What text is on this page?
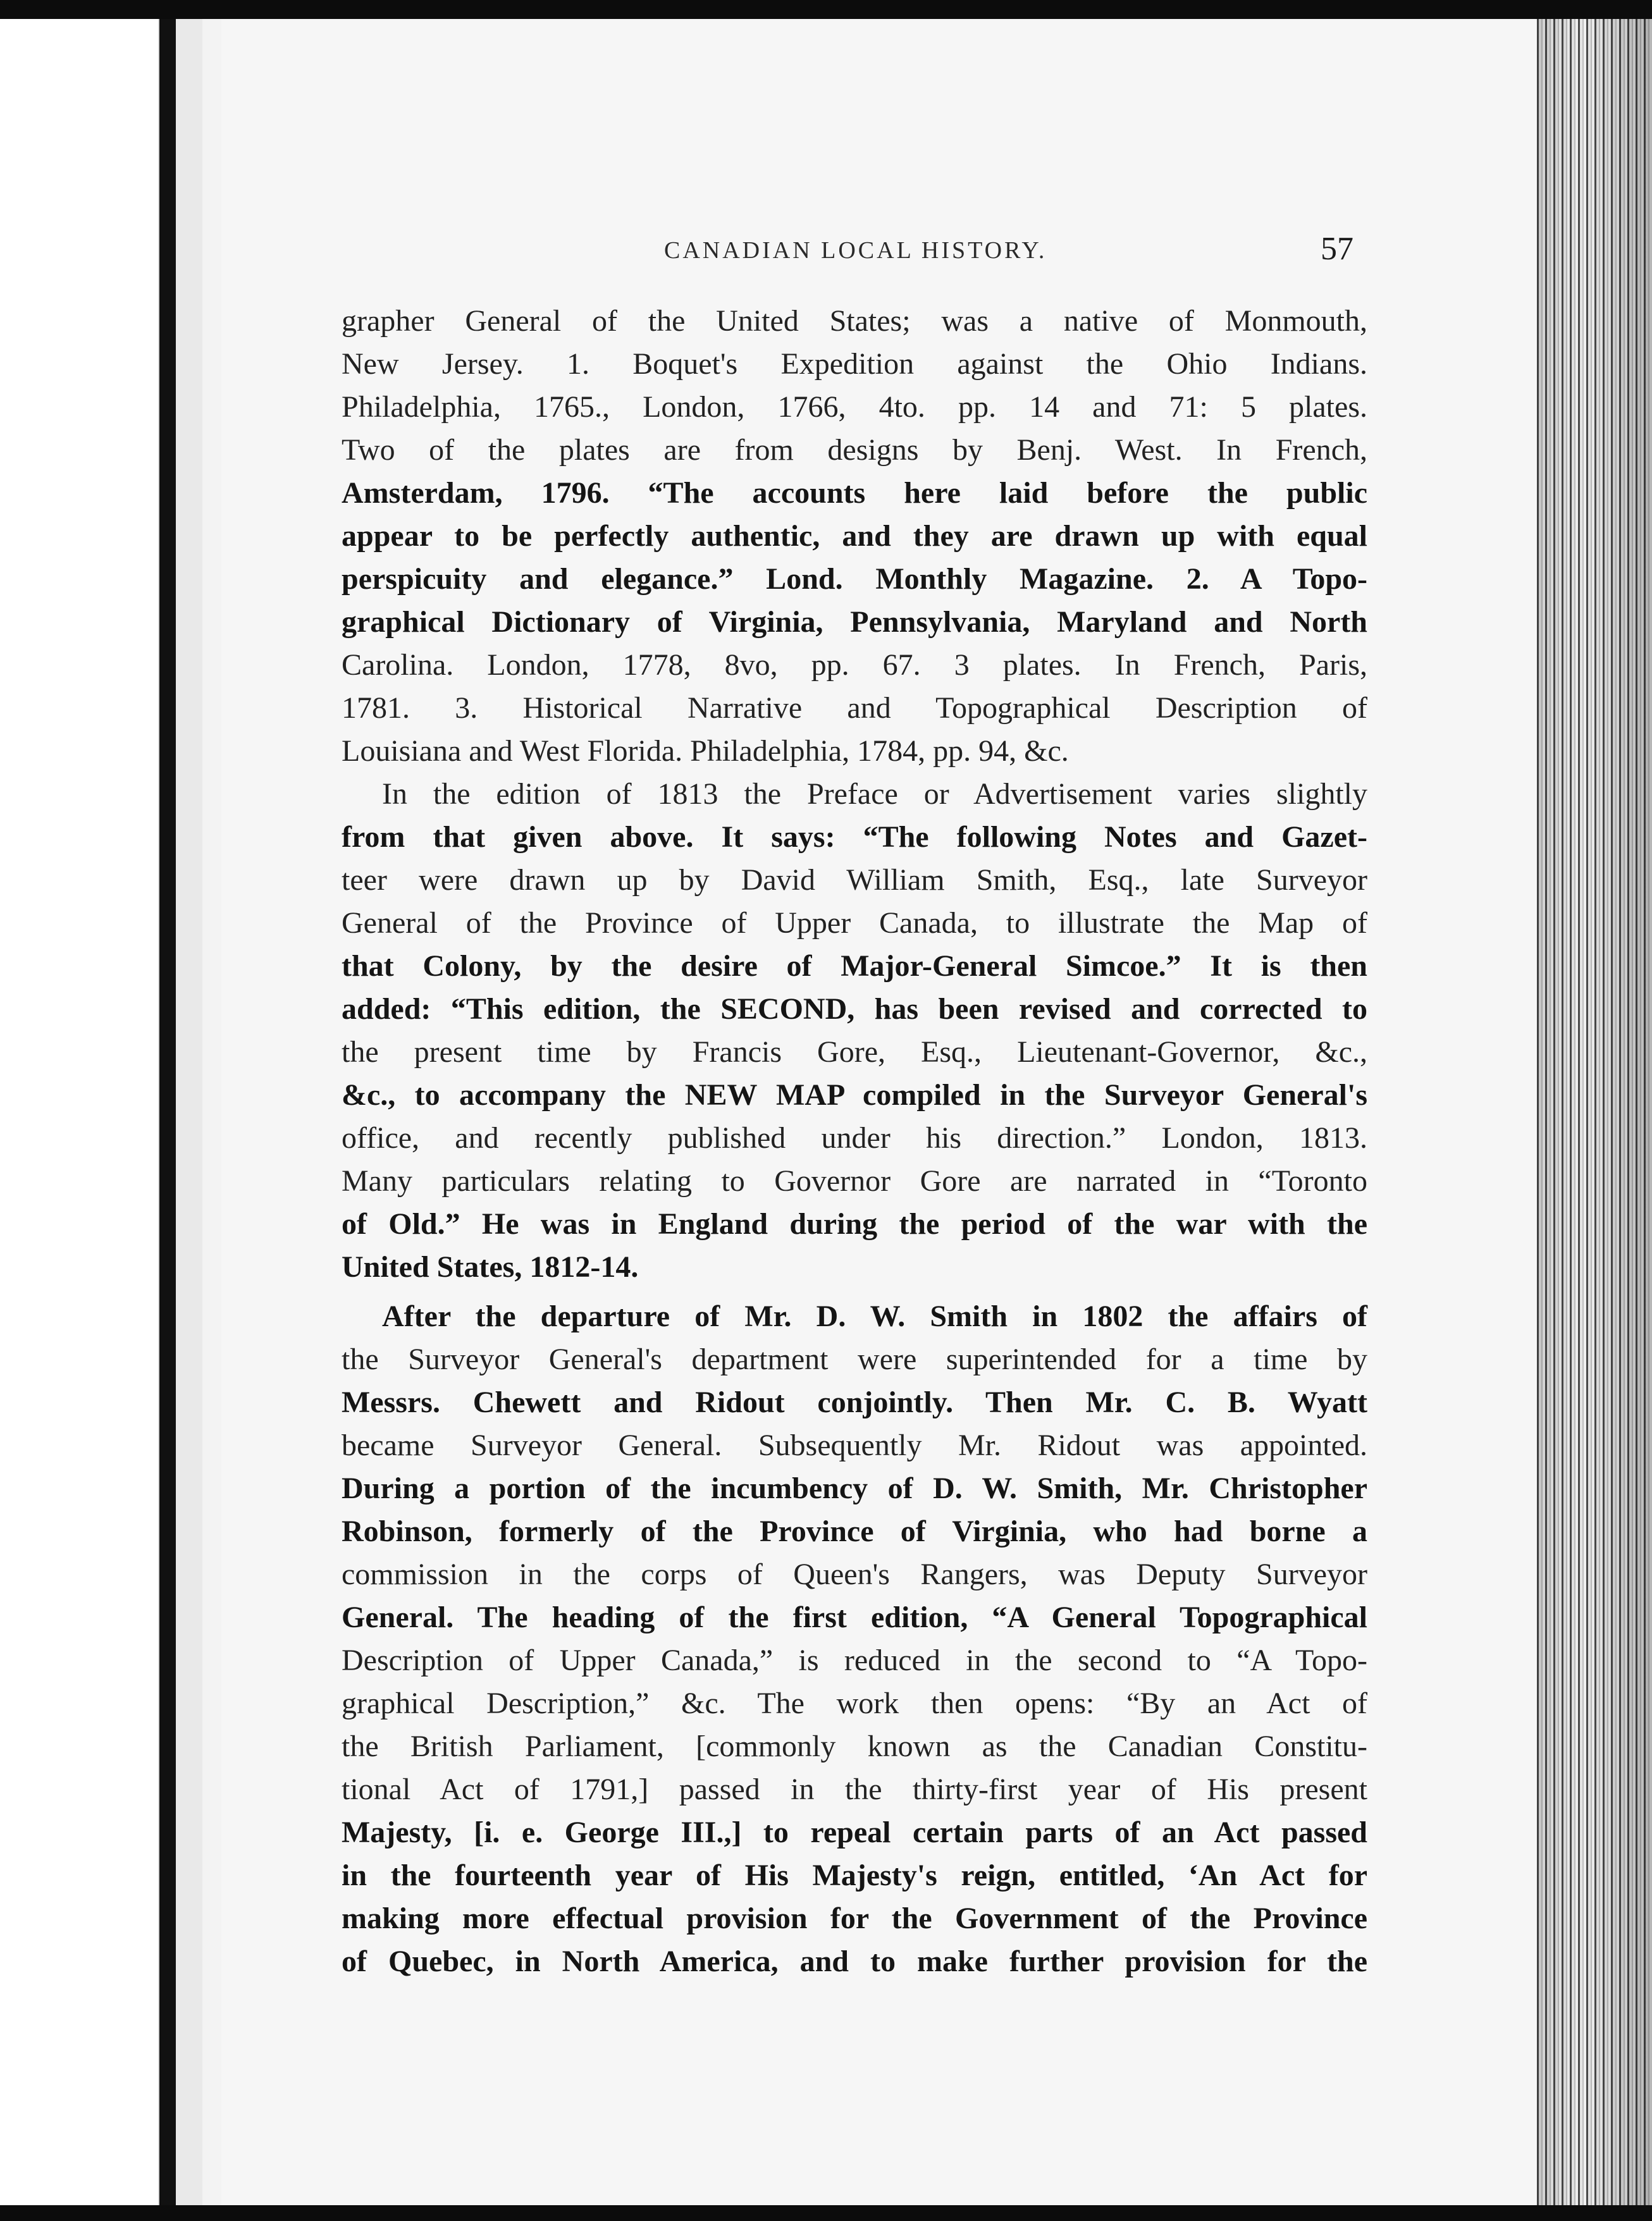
CANADIAN LOCAL HISTORY.	57
grapher General of the United States; was a native of Monmouth,
New Jersey. 1. Boquet's Expedition against the Ohio Indians.
Philadelphia, 1765., London, 1766, 4to. pp. 14 and 71: 5 plates.
Two of the plates are from designs by Benj. West. In French,
Amsterdam, 1796. “The accounts here laid before the public
appear to be perfectly authentic, and they are drawn up with equal
perspicuity and elegance.” Lond. Monthly Magazine. 2. A Topo-
graphical Dictionary of Virginia, Pennsylvania, Maryland and North
Carolina. London, 1778, 8vo, pp. 67. 3 plates. In French, Paris,
1781. 3. Historical Narrative and Topographical Description of
Louisiana and West Florida. Philadelphia, 1784, pp. 94, &c.
In the edition of 1813 the Preface or Advertisement varies slightly
from that given above. It says: “The following Notes and Gazet-
teer were drawn up by David William Smith, Esq., late Surveyor
General of the Province of Upper Canada, to illustrate the Map of
that Colony, by the desire of Major-General Simcoe.” It is then
added: “This edition, the SECOND, has been revised and corrected to
the present time by Francis Gore, Esq., Lieutenant-Governor, &c.,
&c., to accompany the NEW MAP compiled in the Surveyor General's
office, and recently published under his direction.” London, 1813.
Many particulars relating to Governor Gore are narrated in “Toronto
of Old.” He was in England during the period of the war with the
United States, 1812-14.
After the departure of Mr. D. W. Smith in 1802 the affairs of
the Surveyor General's department were superintended for a time by
Messrs. Chewett and Ridout conjointly. Then Mr. C. B. Wyatt
became Surveyor General. Subsequently Mr. Ridout was appointed.
During a portion of the incumbency of D. W. Smith, Mr. Christopher
Robinson, formerly of the Province of Virginia, who had borne a
commission in the corps of Queen's Rangers, was Deputy Surveyor
General. The heading of the first edition, “A General Topographical
Description of Upper Canada,” is reduced in the second to “A Topo-
graphical Description,” &c. The work then opens: “By an Act of
the British Parliament, [commonly known as the Canadian Constitu-
tional Act of 1791,] passed in the thirty-first year of His present
Majesty, [i. e. George III.,] to repeal certain parts of an Act passed
in the fourteenth year of His Majesty's reign, entitled, ‘An Act for
making more effectual provision for the Government of the Province
of Quebec, in North America, and to make further provision for the
